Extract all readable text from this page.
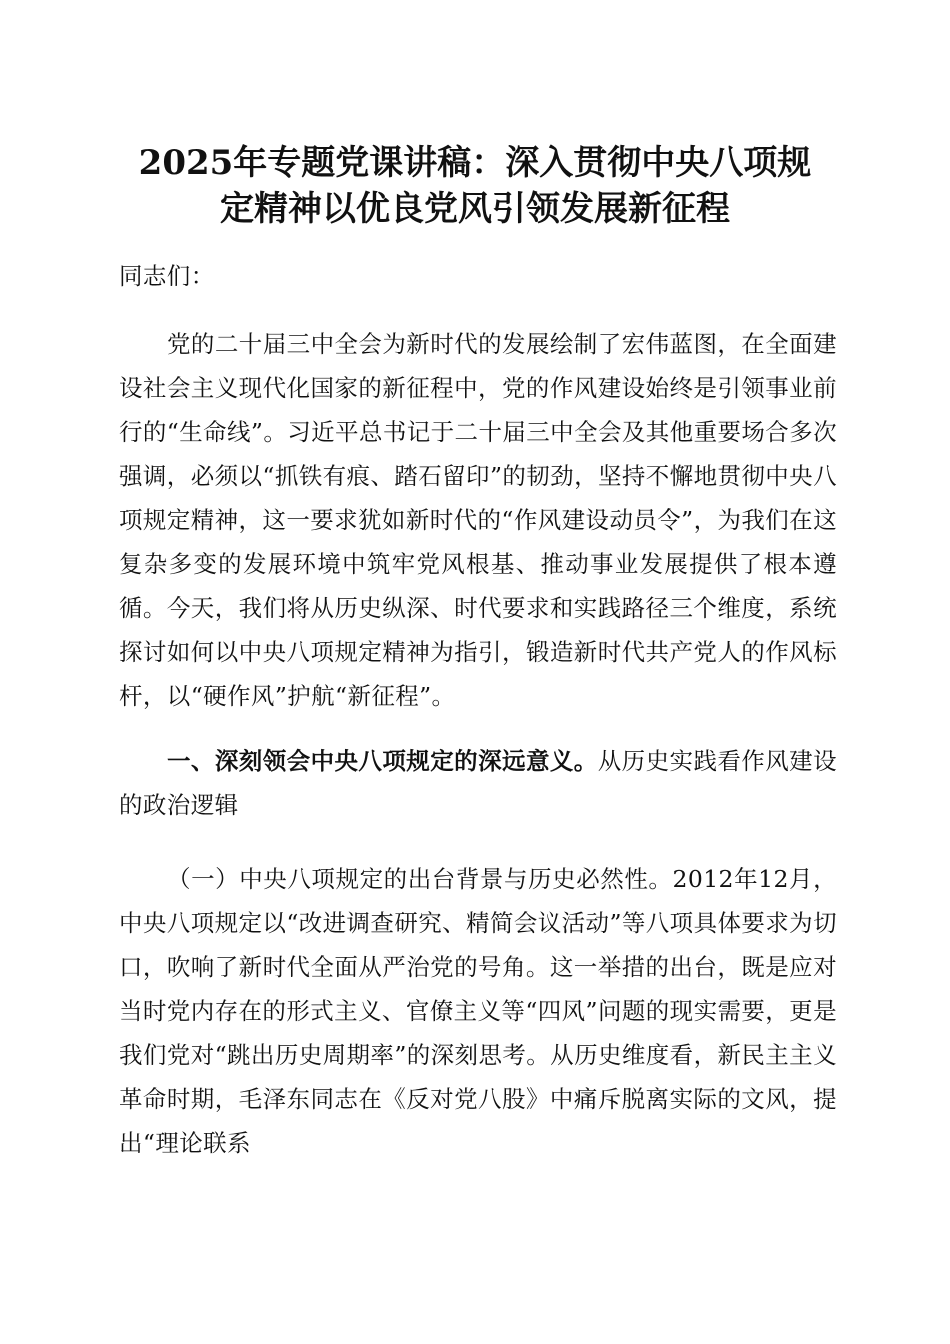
2025年专题党课讲稿：深入贯彻中央八项规
定精神以优良党风引领发展新征程

同志们：

党的二十届三中全会为新时代的发展绘制了宏伟蓝图，在全面建设社会主义现代化国家的新征程中，党的作风建设始终是引领事业前行的“生命线”。习近平总书记于二十届三中全会及其他重要场合多次强调，必须以“抓铁有痕、踏石留印”的韧劲，坚持不懈地贯彻中央八项规定精神，这一要求犹如新时代的“作风建设动员令”，为我们在这复杂多变的发展环境中筑牢党风根基、推动事业发展提供了根本遵循。今天，我们将从历史纵深、时代要求和实践路径三个维度，系统探讨如何以中央八项规定精神为指引，锻造新时代共产党人的作风标杆，以“硬作风”护航“新征程”。

一、深刻领会中央八项规定的深远意义。从历史实践看作风建设的政治逻辑

（一）中央八项规定的出台背景与历史必然性。2012年12月，中央八项规定以“改进调查研究、精简会议活动”等八项具体要求为切口，吹响了新时代全面从严治党的号角。这一举措的出台，既是应对当时党内存在的形式主义、官僚主义等“四风”问题的现实需要，更是我们党对“跳出历史周期率”的深刻思考。从历史维度看，新民主主义革命时期，毛泽东同志在《反对党八股》中痛斥脱离实际的文风，提出“理论联系
